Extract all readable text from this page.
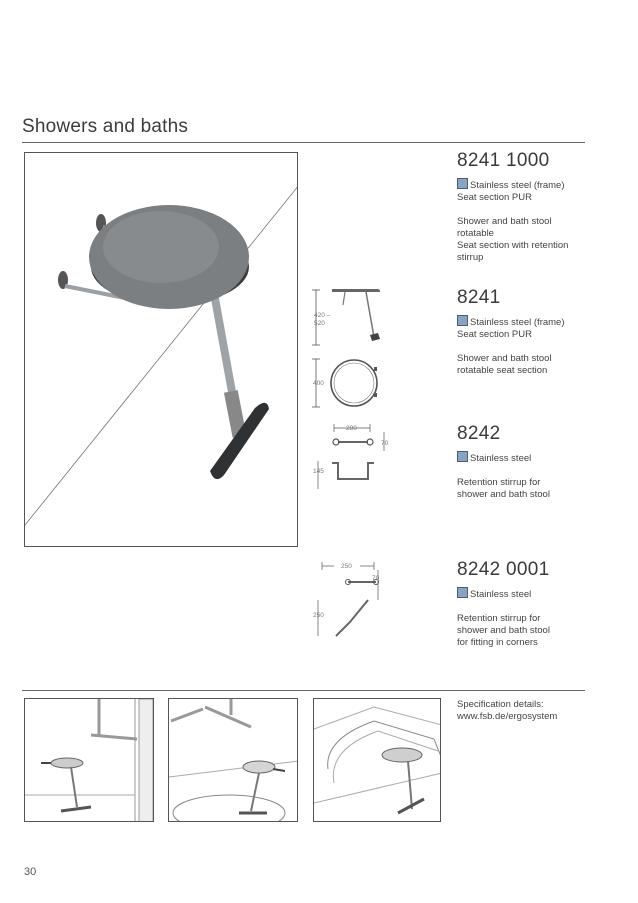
Showers and baths
420 –
520
400
280
70
145
250
70
250
8241 1000
Stainless steel (frame)
Seat section PUR
Shower and bath stool
rotatable
Seat section with retention
stirrup
8241
Stainless steel (frame)
Seat section PUR
Shower and bath stool
rotatable seat section
8242
Stainless steel
Retention stirrup for
shower and bath stool
8242 0001
Stainless steel
Retention stirrup for
shower and bath stool
for fitting in corners
Specification details:
www.fsb.de/ergosystem
30
